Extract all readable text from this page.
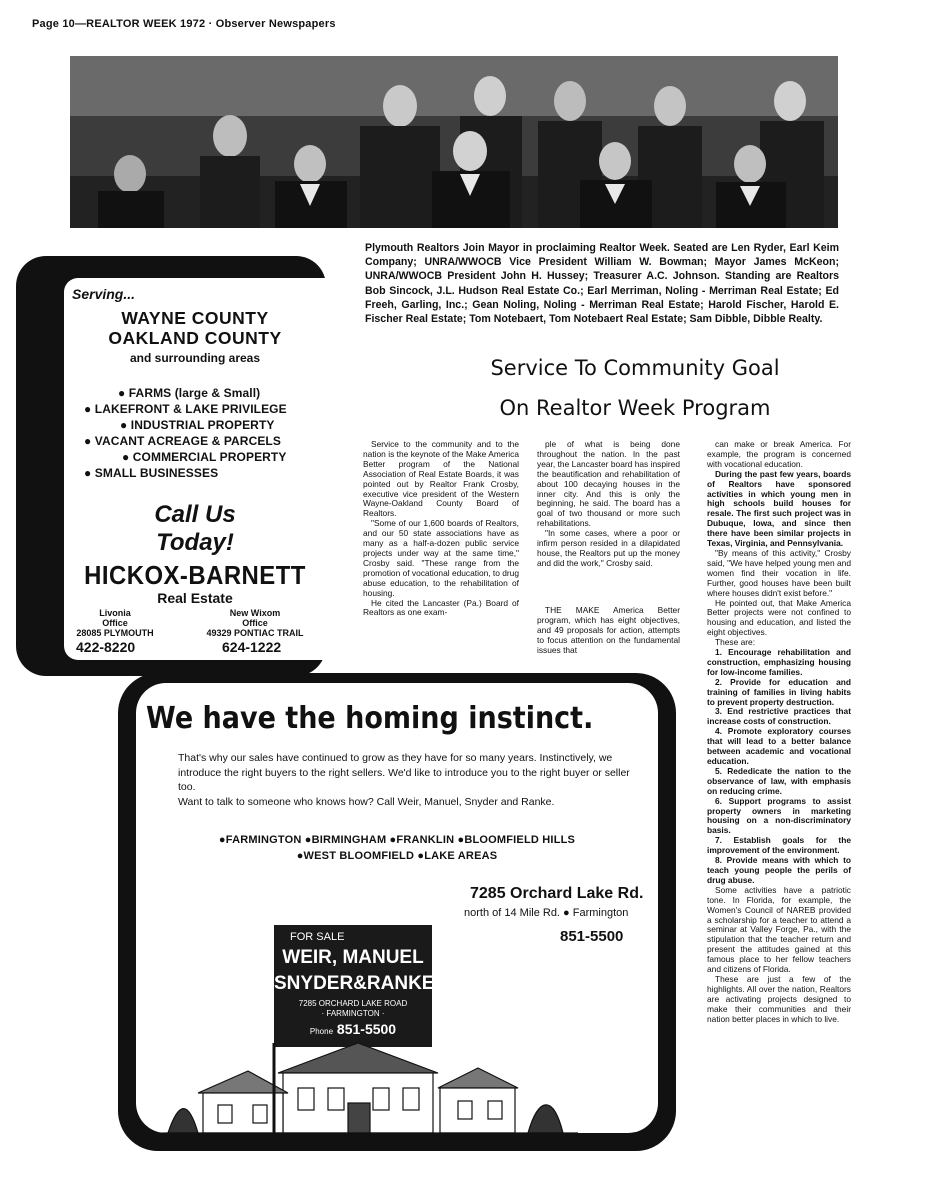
Page 10—REALTOR WEEK 1972 · Observer Newspapers
Plymouth Realtors Join Mayor in proclaiming Realtor Week. Seated are Len Ryder, Earl Keim Company; UNRA/WWOCB Vice President William W. Bowman; Mayor James McKeon; UNRA/WWOCB President John H. Hussey; Treasurer A.C. Johnson. Standing are Realtors Bob Sincock, J.L. Hudson Real Estate Co.; Earl Merriman, Noling - Merriman Real Estate; Ed Freeh, Garling, Inc.; Gean Noling, Noling - Merriman Real Estate; Harold Fischer, Harold E. Fischer Real Estate; Tom Notebaert, Tom Notebaert Real Estate; Sam Dibble, Dibble Realty.
Service To Community Goal
On Realtor Week Program

Service to the community and to the nation is the keynote of the Make America Better program of the National Association of Real Estate Boards, it was pointed out by Realtor Frank Crosby, executive vice president of the Western Wayne-Oakland County Board of Realtors.

"Some of our 1,600 boards of Realtors, and our 50 state associations have as many as a half-a-dozen public service projects under way at the same time," Crosby said. "These range from the promotion of vocational education, to drug abuse education, to the rehabilitation of housing.

He cited the Lancaster (Pa.) Board of Realtors as one exam-

ple of what is being done throughout the nation. In the past year, the Lancaster board has inspired the beautification and rehabilitation of about 100 decaying houses in the inner city. And this is only the beginning, he said. The board has a goal of two thousand or more such rehabilitations.

"In some cases, where a poor or infirm person resided in a dilapidated house, the Realtors put up the money and did the work," Crosby said.

THE MAKE America Better program, which has eight objectives, and 49 proposals for action, attempts to focus attention on the fundamental issues that

can make or break America. For example, the program is concerned with vocational education.

During the past few years, boards of Realtors have sponsored activities in which young men in high schools build houses for resale. The first such project was in Dubuque, Iowa, and since then there have been similar projects in Texas, Virginia, and Pennsylvania.

"By means of this activity," Crosby said, "We have helped young men and women find their vocation in life. Further, good houses have been built where houses didn't exist before."

He pointed out, that Make America Better projects were not confined to housing and education, and listed the eight objectives.

These are:

1. Encourage rehabilitation and construction, emphasizing housing for low-income families.

2. Provide for education and training of families in living habits to prevent property destruction.

3. End restrictive practices that increase costs of construction.

4. Promote exploratory courses that will lead to a better balance between academic and vocational education.

5. Rededicate the nation to the observance of law, with emphasis on reducing crime.

6. Support programs to assist property owners in marketing housing on a non-discriminatory basis.

7. Establish goals for the improvement of the environment.

8. Provide means with which to teach young people the perils of drug abuse.

Some activities have a patriotic tone. In Florida, for example, the Women's Council of NAREB provided a scholarship for a teacher to attend a seminar at Valley Forge, Pa., with the stipulation that the teacher return and present the attitudes gained at this famous place to her fellow teachers and citizens of Florida.

These are just a few of the highlights. All over the nation, Realtors are activating projects designed to make their communities and their nation better places in which to live.

Serving...
WAYNE COUNTY
OAKLAND COUNTY
and surrounding areas
● FARMS (large & Small)
● LAKEFRONT & LAKE PRIVILEGE
● INDUSTRIAL PROPERTY
● VACANT ACREAGE & PARCELS
● COMMERCIAL PROPERTY
● SMALL BUSINESSES
Call Us
Today!
HICKOX-BARNETT
Real Estate
Livonia
Office
28085 PLYMOUTH
New Wixom
Office
49329 PONTIAC TRAIL
422-8220	624-1222
We have the homing instinct.
That's why our sales have continued to grow as they have for so many years. Instinctively, we introduce the right buyers to the right sellers. We'd like to introduce you to the right buyer or seller too.
Want to talk to someone who knows how? Call Weir, Manuel, Snyder and Ranke.
●FARMINGTON ●BIRMINGHAM ●FRANKLIN ●BLOOMFIELD HILLS
●WEST BLOOMFIELD ●LAKE AREAS
7285 Orchard Lake Rd.
north of 14 Mile Rd. ● Farmington
851-5500
FOR SALE
WEIR, MANUEL
SNYDER&RANKE
7285 ORCHARD LAKE ROAD
· FARMINGTON ·
Phone 851-5500
